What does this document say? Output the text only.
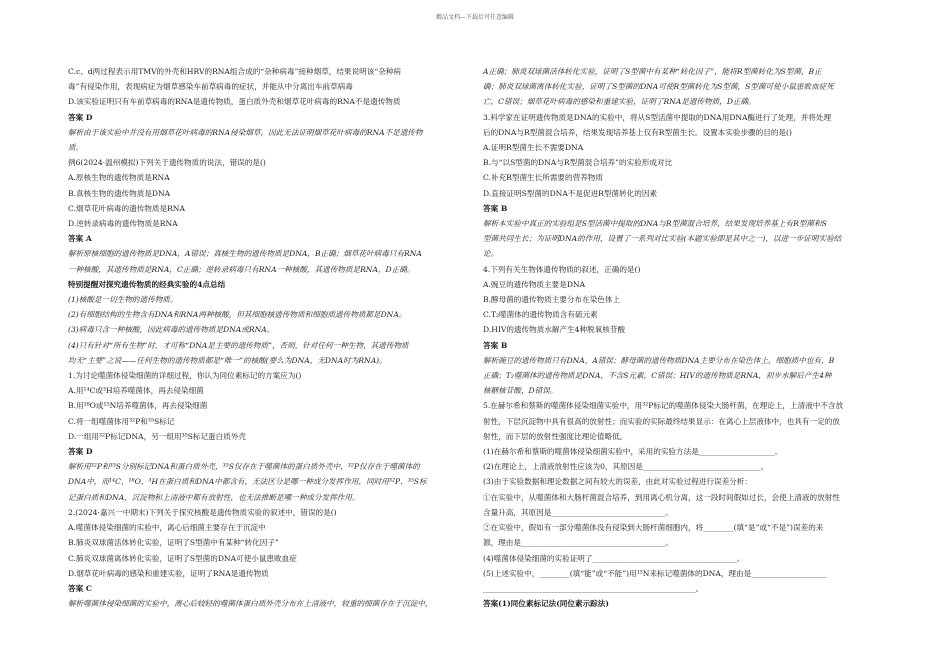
精品文档---下载后可任意编辑
C.c、d两过程表示用TMV的外壳和HRV的RNA组合成的“杂种病毒”接种烟草，结果说明该“杂种病
毒”有侵染作用，表现病症为烟草感染车前草病毒的症状，并能从中分离出车前草病毒
D.该实验证明只有车前草病毒的RNA是遗传物质，蛋白质外壳和烟草花叶病毒的RNA不是遗传物质
答案 D
解析由于该实验中并没有用烟草花叶病毒的RNA侵染烟草，因此无法证明烟草花叶病毒的RNA不是遗传物
质。
例6(2024·温州模拟)下列关于遗传物质的说法，错误的是()
A.原核生物的遗传物质是RNA
B.真核生物的遗传物质是DNA
C.烟草花叶病毒的遗传物质是RNA
D.逆转录病毒的遗传物质是RNA
答案 A
解析原核细胞的遗传物质是DNA，A错误；真核生物的遗传物质是DNA，B正确；烟草花叶病毒只有RNA
一种核酸，其遗传物质是RNA，C正确；逆转录病毒只有RNA一种核酸，其遗传物质是RNA，D正确。
特别提醒对探究遗传物质的经典实验的4点总结
(1)核酸是一切生物的遗传物质。
(2)有细胞结构的生物含有DNA和RNA两种核酸，但其细胞核遗传物质和细胞质遗传物质都是DNA。
(3)病毒只含一种核酸，因此病毒的遗传物质是DNA或RNA。
(4)只有针对“所有生物”时，才可称“DNA是主要的遗传物质”，否则，针对任何一种生物，其遗传物质
均无“主要”之说——任何生物的遗传物质都是“唯一”的核酸(要么为DNA，无DNA时为RNA)。
1.为讨论噬菌体侵染细菌的详细过程，你认为同位素标记的方案应为()
A.用¹⁴C或³H培养噬菌体，再去侵染细菌
B.用¹⁸O或¹⁵N培养噬菌体，再去侵染细菌
C.将一组噬菌体用³²P和³⁵S标记
D.一组用³²P标记DNA，另一组用³⁵S标记蛋白质外壳
答案 D
解析用³²P和³⁵S分别标记DNA和蛋白质外壳，³⁵S仅存在于噬菌体的蛋白质外壳中，³²P仅存在于噬菌体的
DNA中，而¹⁴C、¹⁸O、³H在蛋白质和DNA中都含有，无法区分是哪一种成分发挥作用，同时用³²P、³⁵S标
记蛋白质和DNA，沉淀物和上清液中都有放射性，也无法推断是哪一种成分发挥作用。
2.(2024·嘉兴一中期末)下列关于探究核酸是遗传物质实验的叙述中，错误的是()
A.噬菌体侵染细菌的实验中，离心后细菌主要存在于沉淀中
B.肺炎双球菌活体转化实验，证明了S型菌中有某种“转化因子”
C.肺炎双球菌离体转化实验，证明了S型菌的DNA可使小鼠患败血症
D.烟草花叶病毒的感染和重建实验，证明了RNA是遗传物质
答案 C
解析噬菌体侵染细菌的实验中，离心后较轻的噬菌体蛋白质外壳分布在上清液中，较重的细菌存在于沉淀中，
A正确；肺炎双球菌活体转化实验，证明了S型菌中有某种“转化因子”，能将R型菌转化为S型菌，B正
确；肺炎双球菌离体转化实验，证明了S型菌的DNA可使R型菌转化为S型菌，S型菌可使小鼠患败血症死
亡，C错误；烟草花叶病毒的感染和重建实验，证明了RNA是遗传物质，D正确。
3.科学家在证明遗传物质是DNA的实验中，将从S型活菌中提取的DNA用DNA酶进行了处理，并将处理
后的DNA与R型菌混合培养，结果发现培养基上仅有R型菌生长。设置本实验步骤的目的是()
A.证明R型菌生长不需要DNA
B.与“以S型菌的DNA与R型菌混合培养”的实验形成对比
C.补充R型菌生长所需要的营养物质
D.直接证明S型菌的DNA不是促进R型菌转化的因素
答案 B
解析本实验中真正的实验组是S型活菌中提取的DNA与R型菌混合培养，结果发现培养基上有R型菌和S
型菌共同生长；为证明DNA的作用，设置了一系列对比实验(本题实验即是其中之一)，以进一步证明实验结
论。
4.下列有关生物体遗传物质的叙述，正确的是()
A.豌豆的遗传物质主要是DNA
B.酵母菌的遗传物质主要分布在染色体上
C.T₂噬菌体的遗传物质含有硫元素
D.HIV的遗传物质水解产生4种脱氧核苷酸
答案 B
解析豌豆的遗传物质只有DNA，A错误；酵母菌的遗传物质DNA主要分布在染色体上，细胞质中也有，B
正确；T₂噬菌体的遗传物质是DNA，不含S元素，C错误；HIV的遗传物质是RNA，初步水解后产生4种
核糖核苷酸，D错误。
5.在赫尔希和蔡斯的噬菌体侵染细菌实验中，用³²P标记的噬菌体侵染大肠杆菌，在理论上，上清液中不含放
射性，下层沉淀物中具有很高的放射性；而实验的实际最终结果显示：在离心上层液体中，也具有一定的放
射性，而下层的放射性强度比理论值略低。
(1)在赫尔希和蔡斯的噬菌体侵染细菌实验中，采用的实验方法是____________________。
(2)在理论上，上清液放射性应该为0，其原因是_______________________________。
(3)由于实验数据和理论数据之间有较大的误差，由此对实验过程进行误差分析：
①在实验中，从噬菌体和大肠杆菌混合培养，到用离心机分离，这一段时间假如过长，会使上清液的放射性
含量升高，其原因是______________________________。
②在实验中，假如有一部分噬菌体没有侵染到大肠杆菌细胞内，将________(填“是”或“不是”)误差的来
源，理由是______________________________________。
(4)噬菌体侵染细菌的实验证明了______________________________________。
(5)上述实验中，________(填“能”或“不能”)用¹⁵N来标记噬菌体的DNA，理由是____________________
________________________________________________________。
答案(1)同位素标记法(同位素示踪法)
